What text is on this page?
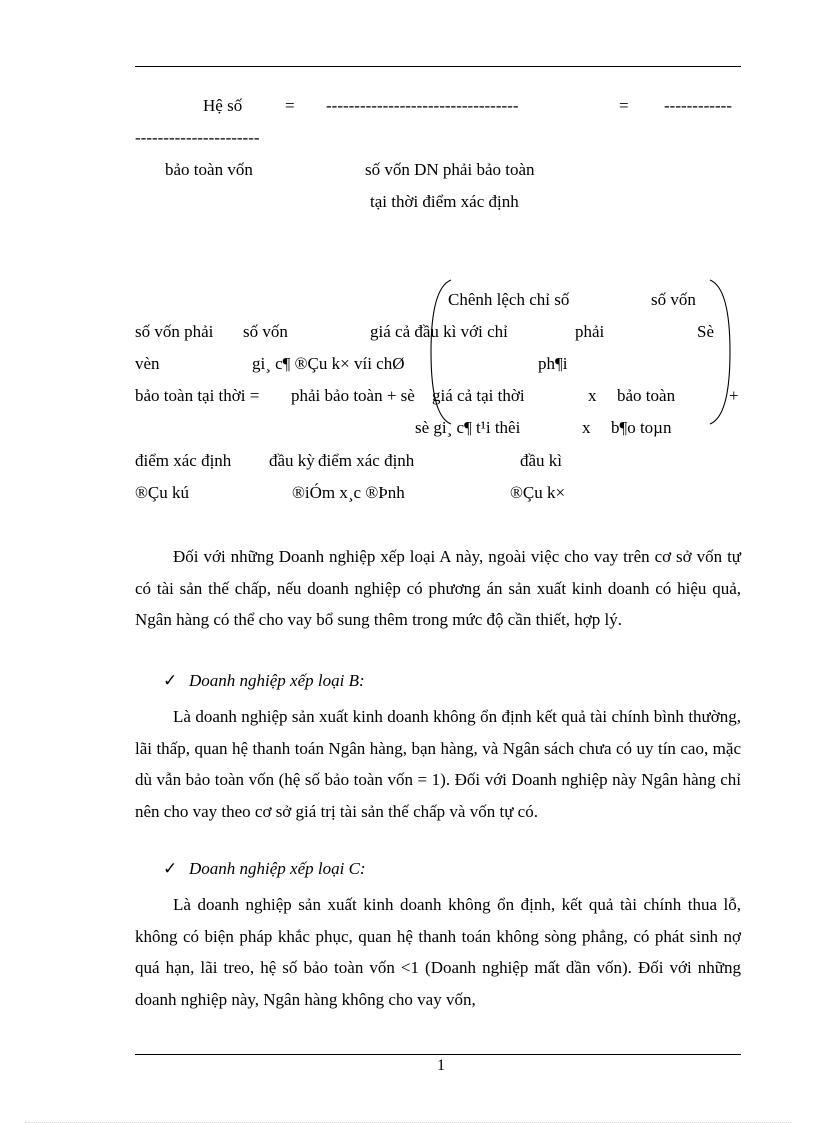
Hệ số	= ----------------------------------	= ------------
----------------------
bảo toàn vốn	số vốn DN phải bảo toàn
tại thời điểm xác định
Chênh lệch chỉ số	số vốn
số vốn phải số vốn	giá cả đầu kì với chỉ	phải	Sè
vèn	gi¸ c¶ ®Çu k× víi chØ	ph¶i
bảo toàn tại thời = phải bảo toàn + sè giá cả tại thời	x bảo toàn	+
sè gi¸ c¶ t¹i thêi	x b¶o toµn
điểm xác định đầu kỳ điểm xác định	đầu kì
®Çu kú	®iÓm x¸c ®Þnh	®Çu k×
Đối với những Doanh nghiệp xếp loại A này, ngoài việc cho vay trên cơ sở vốn tự có tài sản thế chấp, nếu doanh nghiệp có phương án sản xuất kinh doanh có hiệu quả, Ngân hàng có thể cho vay bổ sung thêm trong mức độ cần thiết, hợp lý.
✓ Doanh nghiệp xếp loại B:
Là doanh nghiệp sản xuất kinh doanh không ổn định kết quả tài chính bình thường, lãi thấp, quan hệ thanh toán Ngân hàng, bạn hàng, và Ngân sách chưa có uy tín cao, mặc dù vẫn bảo toàn vốn (hệ số bảo toàn vốn = 1). Đối với Doanh nghiệp này Ngân hàng chỉ nên cho vay theo cơ sở giá trị tài sản thế chấp và vốn tự có.
✓ Doanh nghiệp xếp loại C:
Là doanh nghiệp sản xuất kinh doanh không ổn định, kết quả tài chính thua lỗ, không có biện pháp khắc phục, quan hệ thanh toán không sòng phẳng, có phát sinh nợ quá hạn, lãi treo, hệ số bảo toàn vốn <1 (Doanh nghiệp mất dần vốn). Đối với những doanh nghiệp này, Ngân hàng không cho vay vốn,
1
